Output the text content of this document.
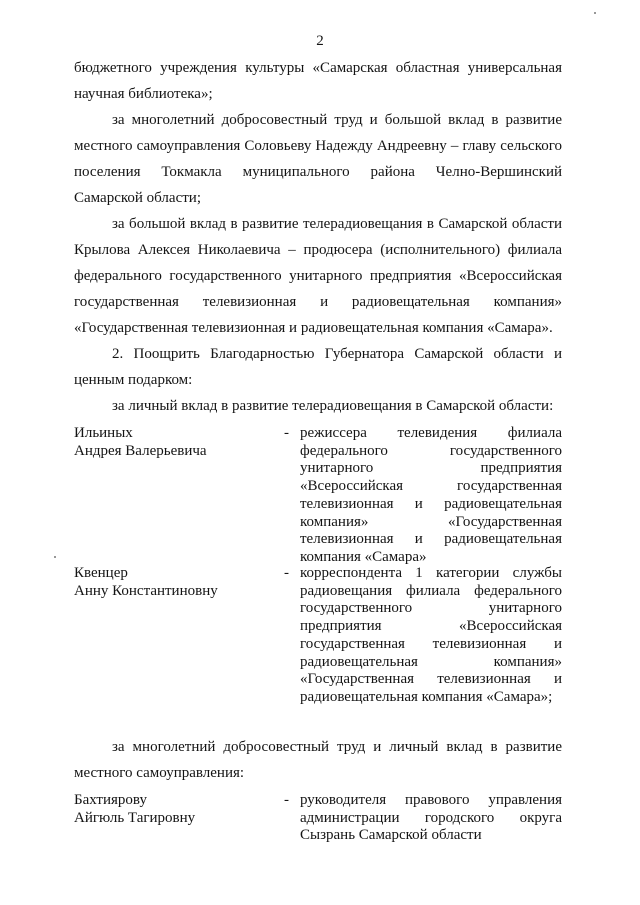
2

бюджетного учреждения культуры «Самарская областная универсальная научная библиотека»;

за многолетний добросовестный труд и большой вклад в развитие местного самоуправления Соловьеву Надежду Андреевну – главу сельского поселения Токмакла муниципального района Челно-Вершинский Самарской области;

за большой вклад в развитие телерадиовещания в Самарской области Крылова Алексея Николаевича – продюсера (исполнительного) филиала федерального государственного унитарного предприятия «Всероссийская государственная телевизионная и радиовещательная компания» «Государственная телевизионная и радиовещательная компания «Самара».

2. Поощрить Благодарностью Губернатора Самарской области и ценным подарком:

за личный вклад в развитие телерадиовещания в Самарской области:

Ильиных
Андрея Валерьевича
- режиссера телевидения филиала федерального государственного унитарного предприятия «Всероссийская государственная телевизионная и радиовещательная компания» «Государственная телевизионная и радиовещательная компания «Самара»
Квенцер
Анну Константиновну
- корреспондента 1 категории службы радиовещания филиала федерального государственного унитарного предприятия «Всероссийская государственная телевизионная и радиовещательная компания» «Государственная телевизионная и радиовещательная компания «Самара»;

за многолетний добросовестный труд и личный вклад в развитие местного самоуправления:

Бахтиярову
Айгюль Тагировну
- руководителя правового управления администрации городского округа Сызрань Самарской области
